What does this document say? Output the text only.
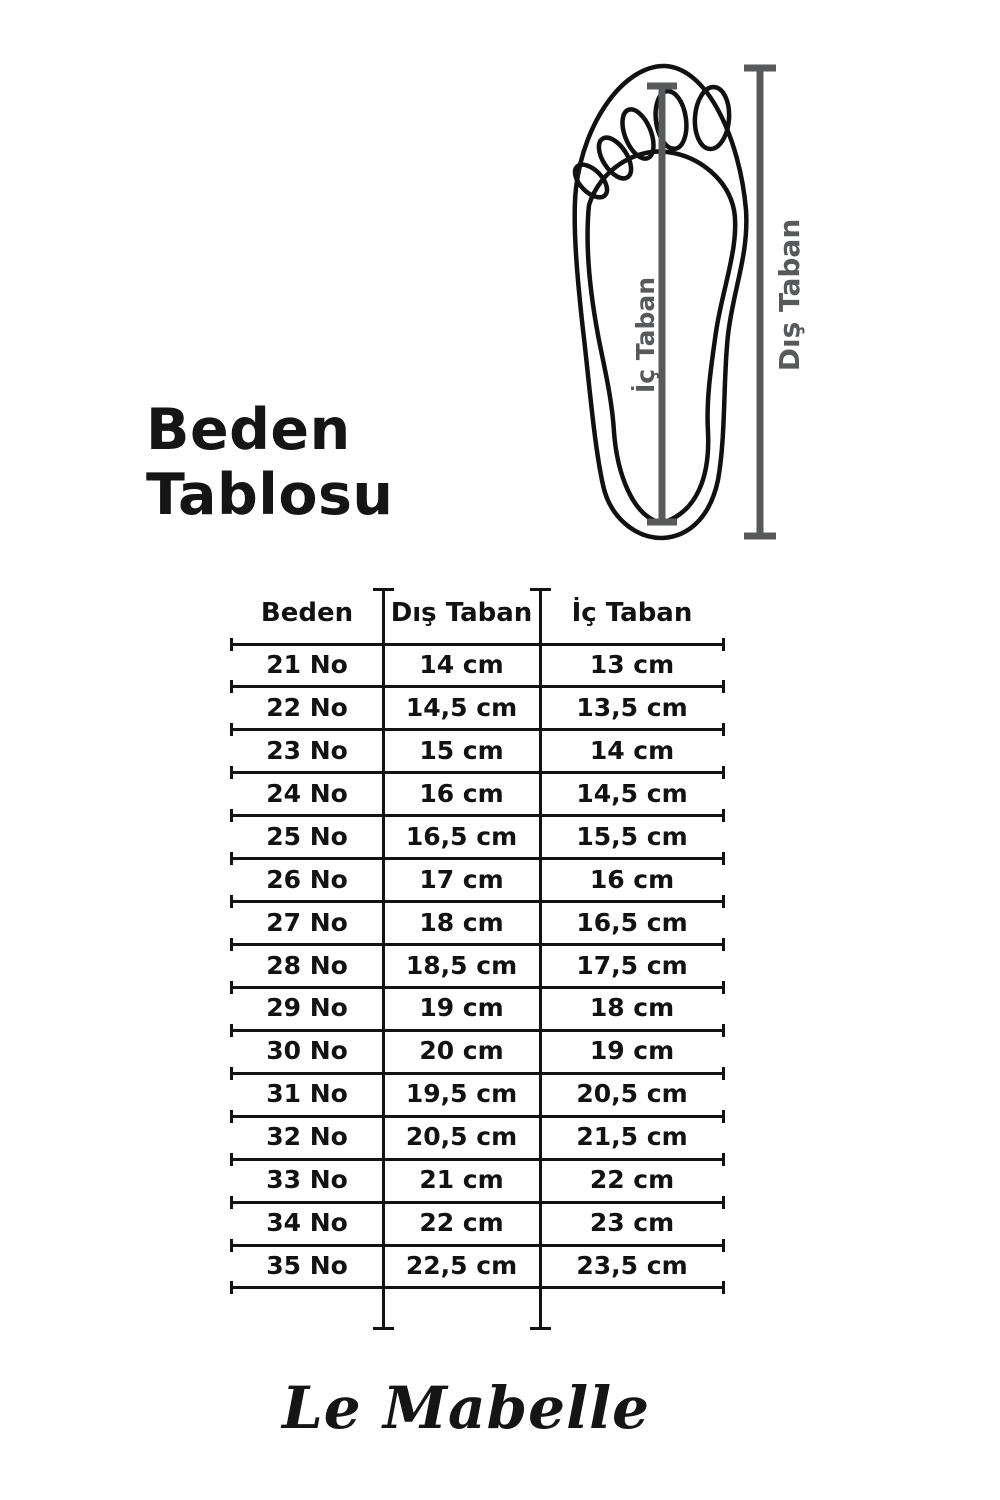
Beden
Tablosu
İç Taban	Dış Taban
Beden	Dış Taban	İç Taban
21 No	14 cm	13 cm
22 No	14,5 cm	13,5 cm
23 No	15 cm	14 cm
24 No	16 cm	14,5 cm
25 No	16,5 cm	15,5 cm
26 No	17 cm	16 cm
27 No	18 cm	16,5 cm
28 No	18,5 cm	17,5 cm
29 No	19 cm	18 cm
30 No	20 cm	19 cm
31 No	19,5 cm	20,5 cm
32 No	20,5 cm	21,5 cm
33 No	21 cm	22 cm
34 No	22 cm	23 cm
35 No	22,5 cm	23,5 cm
Le Mabelle
